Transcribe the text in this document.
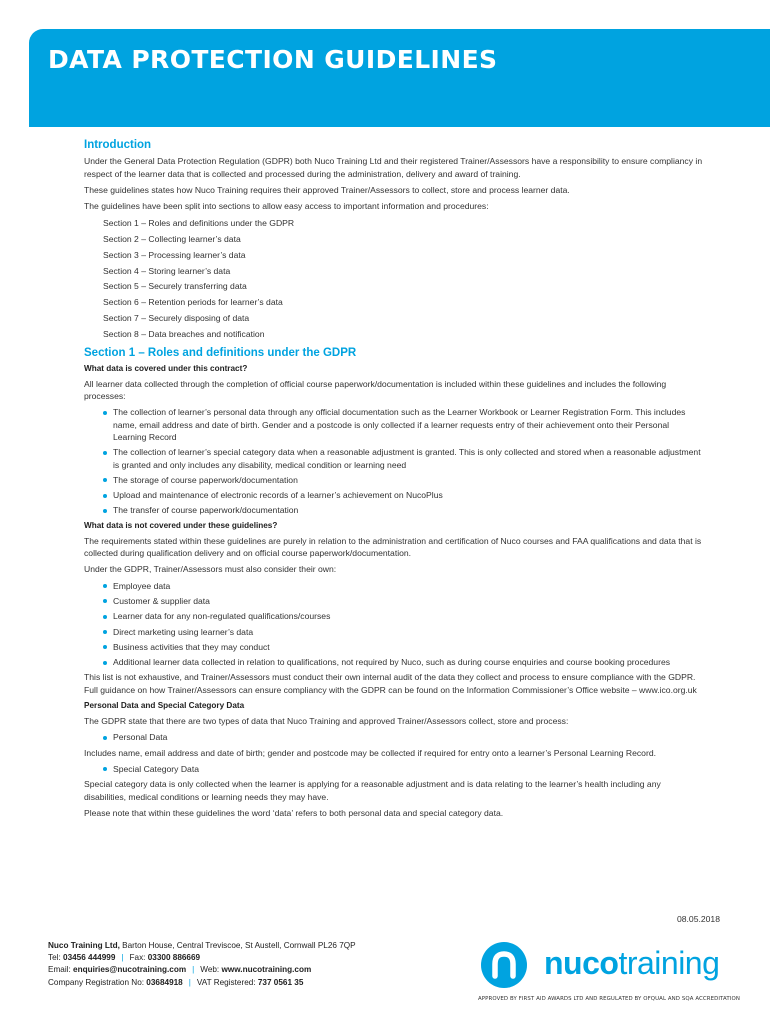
DATA PROTECTION GUIDELINES
Introduction

Under the General Data Protection Regulation (GDPR) both Nuco Training Ltd and their registered Trainer/Assessors have a responsibility to ensure compliancy in respect of the learner data that is collected and processed during the administration, delivery and award of training.

These guidelines states how Nuco Training requires their approved Trainer/Assessors to collect, store and process learner data.

The guidelines have been split into sections to allow easy access to important information and procedures:

Section 1 – Roles and definitions under the GDPR
Section 2 – Collecting learner’s data
Section 3 – Processing learner’s data
Section 4 – Storing learner’s data
Section 5 – Securely transferring data
Section 6 – Retention periods for learner’s data
Section 7 – Securely disposing of data
Section 8 – Data breaches and notification
Section 1 – Roles and definitions under the GDPR
What data is covered under this contract?

All learner data collected through the completion of official course paperwork/documentation is included within these guidelines and includes the following processes:

The collection of learner’s personal data through any official documentation such as the Learner Workbook or Learner Registration Form. This includes name, email address and date of birth. Gender and a postcode is only collected if a learner requests entry of their achievement onto their Personal Learning Record
The collection of learner’s special category data when a reasonable adjustment is granted. This is only collected and stored when a reasonable adjustment is granted and only includes any disability, medical condition or learning need
The storage of course paperwork/documentation
Upload and maintenance of electronic records of a learner’s achievement on NucoPlus
The transfer of course paperwork/documentation
What data is not covered under these guidelines?

The requirements stated within these guidelines are purely in relation to the administration and certification of Nuco courses and FAA qualifications and data that is collected during qualification delivery and on official course paperwork/documentation.

Under the GDPR, Trainer/Assessors must also consider their own:

Employee data
Customer & supplier data
Learner data for any non-regulated qualifications/courses
Direct marketing using learner’s data
Business activities that they may conduct
Additional learner data collected in relation to qualifications, not required by Nuco, such as during course enquiries and course booking procedures

This list is not exhaustive, and Trainer/Assessors must conduct their own internal audit of the data they collect and process to ensure compliance with the GDPR. Full guidance on how Trainer/Assessors can ensure compliancy with the GDPR can be found on the Information Commissioner’s Office website – www.ico.org.uk

Personal Data and Special Category Data

The GDPR state that there are two types of data that Nuco Training and approved Trainer/Assessors collect, store and process:

Personal Data

Includes name, email address and date of birth; gender and postcode may be collected if required for entry onto a learner’s Personal Learning Record.

Special Category Data

Special category data is only collected when the learner is applying for a reasonable adjustment and is data relating to the learner’s health including any disabilities, medical conditions or learning needs they may have.

Please note that within these guidelines the word ‘data’ refers to both personal data and special category data.

08.05.2018
Nuco Training Ltd, Barton House, Central Treviscoe, St Austell, Cornwall PL26 7QP
Tel: 03456 444999 | Fax: 03300 886669
Email: enquiries@nucotraining.com | Web: www.nucotraining.com
Company Registration No: 03684918 | VAT Registered: 737 0561 35
nucotraining
APPROVED BY FIRST AID AWARDS LTD AND REGULATED BY OFQUAL AND SQA ACCREDITATION
